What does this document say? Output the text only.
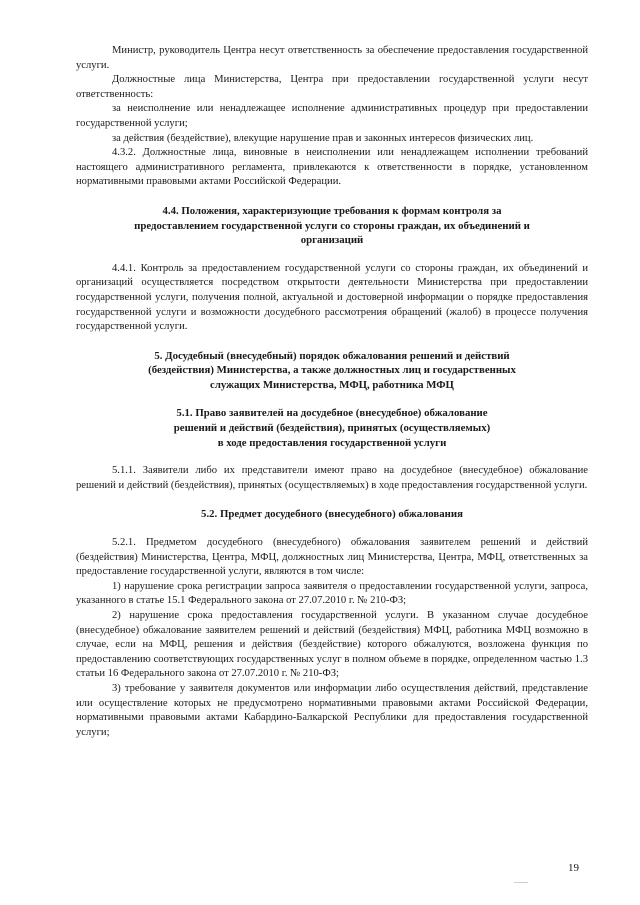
Министр, руководитель Центра несут ответственность за обеспечение предоставления государственной услуги.

Должностные лица Министерства, Центра при предоставлении государственной услуги несут ответственность:

за неисполнение или ненадлежащее исполнение административных процедур при предоставлении государственной услуги;

за действия (бездействие), влекущие нарушение прав и законных интересов физических лиц.

4.3.2. Должностные лица, виновные в неисполнении или ненадлежащем исполнении требований настоящего административного регламента, привлекаются к ответственности в порядке, установленном нормативными правовыми актами Российской Федерации.

4.4. Положения, характеризующие требования к формам контроля за

предоставлением государственной услуги со стороны граждан, их объединений и

организаций

4.4.1. Контроль за предоставлением государственной услуги со стороны граждан, их объединений и организаций осуществляется посредством открытости деятельности Министерства при предоставлении государственной услуги, получения полной, актуальной и достоверной информации о порядке предоставления государственной услуги и возможности досудебного рассмотрения обращений (жалоб) в процессе получения государственной услуги.

5. Досудебный (внесудебный) порядок обжалования решений и действий

(бездействия) Министерства, а также должностных лиц и государственных

служащих Министерства, МФЦ, работника МФЦ

5.1. Право заявителей на досудебное (внесудебное) обжалование

решений и действий (бездействия), принятых (осуществляемых)

в ходе предоставления государственной услуги

5.1.1. Заявители либо их представители имеют право на досудебное (внесудебное) обжалование решений и действий (бездействия), принятых (осуществляемых) в ходе предоставления государственной услуги.

5.2. Предмет досудебного (внесудебного) обжалования

5.2.1. Предметом досудебного (внесудебного) обжалования заявителем решений и действий (бездействия) Министерства, Центра, МФЦ, должностных лиц Министерства, Центра, МФЦ, ответственных за предоставление государственной услуги, являются в том числе:

1) нарушение срока регистрации запроса заявителя о предоставлении государственной услуги, запроса, указанного в статье 15.1 Федерального закона от 27.07.2010 г. № 210-ФЗ;

2) нарушение срока предоставления государственной услуги. В указанном случае досудебное (внесудебное) обжалование заявителем решений и действий (бездействия) МФЦ, работника МФЦ возможно в случае, если на МФЦ, решения и действия (бездействие) которого обжалуются, возложена функция по предоставлению соответствующих государственных услуг в полном объеме в порядке, определенном частью 1.3 статьи 16 Федерального закона от 27.07.2010 г. № 210-ФЗ;

3) требование у заявителя документов или информации либо осуществления действий, представление или осуществление которых не предусмотрено нормативными правовыми актами Российской Федерации, нормативными правовыми актами Кабардино-Балкарской Республики для предоставления государственной услуги;

19
